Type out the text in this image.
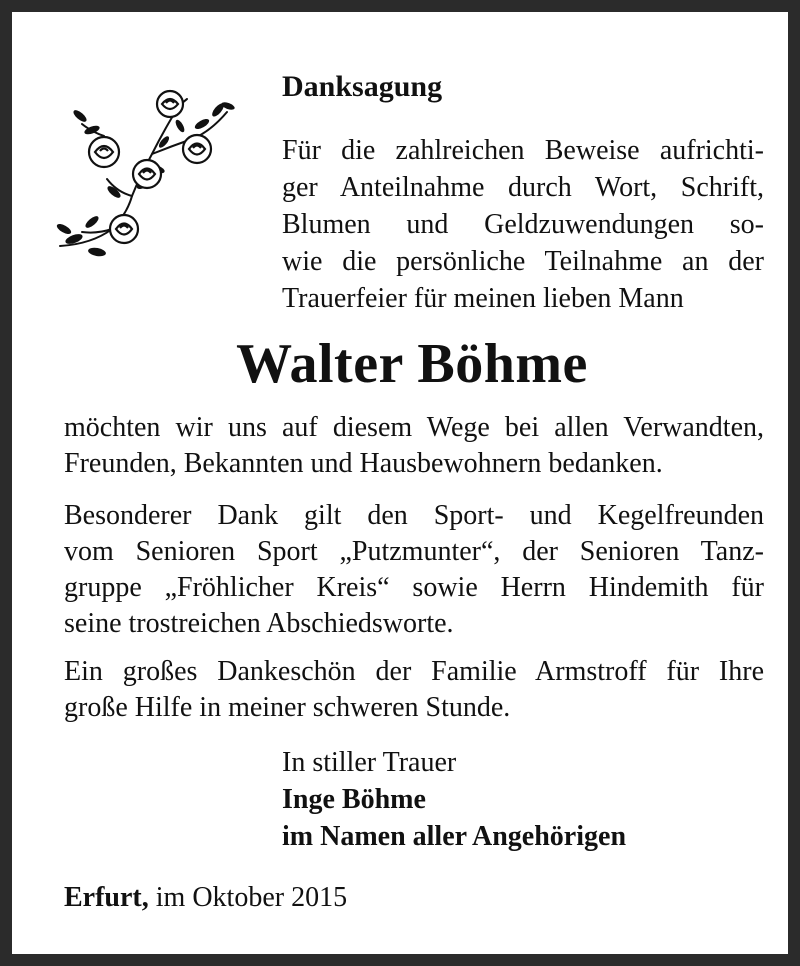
Danksagung

Für die zahlreichen Beweise aufrichti-
ger Anteilnahme durch Wort, Schrift,
Blumen und Geldzuwendungen so-
wie die persönliche Teilnahme an der
Trauerfeier für meinen lieben Mann

Walter Böhme

möchten wir uns auf diesem Wege bei allen Verwandten,
Freunden, Bekannten und Hausbewohnern bedanken.

Besonderer Dank gilt den Sport- und Kegelfreunden
vom Senioren Sport „Putzmunter“, der Senioren Tanz-
gruppe „Fröhlicher Kreis“ sowie Herrn Hindemith für
seine trostreichen Abschiedsworte.

Ein großes Dankeschön der Familie Armstroff für Ihre
große Hilfe in meiner schweren Stunde.

In stiller Trauer
Inge Böhme
im Namen aller Angehörigen

Erfurt, im Oktober 2015
